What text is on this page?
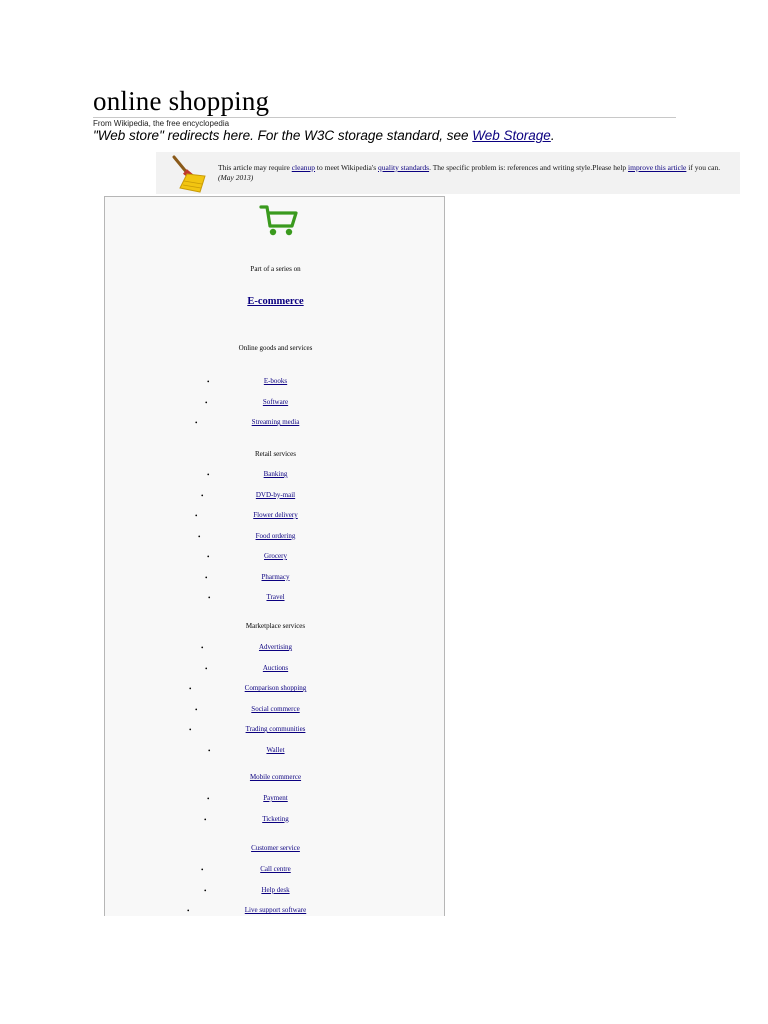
online shopping
From Wikipedia, the free encyclopedia
"Web store" redirects here. For the W3C storage standard, see Web Storage.
This article may require cleanup to meet Wikipedia's quality standards. The specific problem is: references and writing style.Please help improve this article if you can. (May 2013)
Part of a series on
E-commerce
Online goods and services
E-books
•
Software
•
Streaming media
•
Retail services
Banking
•
DVD-by-mail
•
Flower delivery
•
Food ordering
•
Grocery
•
Pharmacy
•
Travel
•
Marketplace services
Advertising
•
Auctions
•
Comparison shopping
•
Social commerce
•
Trading communities
•
Wallet
•
Mobile commerce
Payment
•
Ticketing
•
Customer service
Call centre
•
Help desk
•
Live support software
•
